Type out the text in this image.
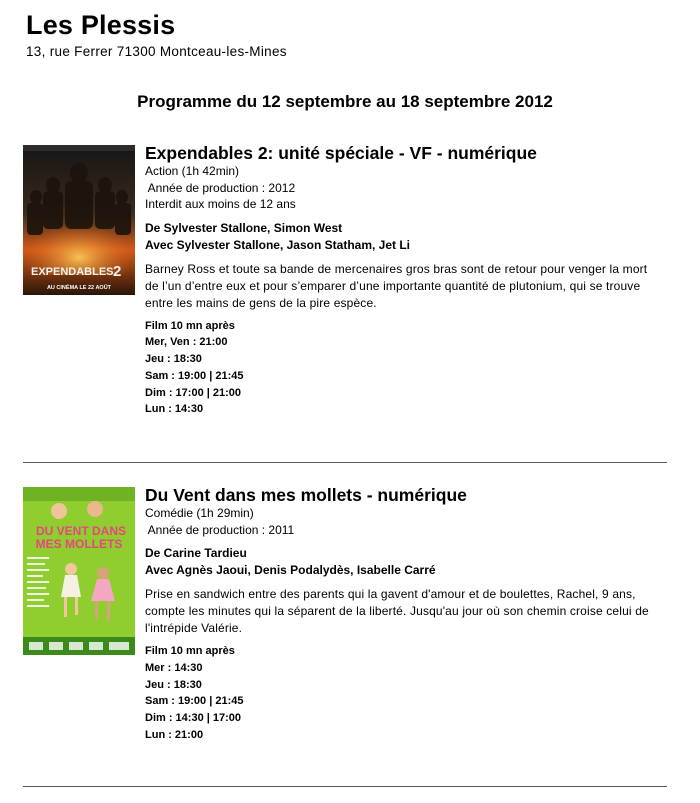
Les Plessis
13, rue Ferrer 71300 Montceau-les-Mines
Programme du 12 septembre au 18 septembre 2012
EXPENDABLES 2
AU CINÉMA LE 22 AOÛT
Expendables 2: unité spéciale - VF - numérique
Action (1h 42min)
Année de production : 2012
Interdit aux moins de 12 ans
De Sylvester Stallone, Simon West
Avec Sylvester Stallone, Jason Statham, Jet Li
Barney Ross et toute sa bande de mercenaires gros bras sont de retour pour venger la mort de l’un d’entre eux et pour s’emparer d’une importante quantité de plutonium, qui se trouve entre les mains de gens de la pire espèce.
Film 10 mn après
Mer, Ven : 21:00
Jeu : 18:30
Sam : 19:00 | 21:45
Dim : 17:00 | 21:00
Lun : 14:30
DU VENT DANS
MES MOLLETS
Du Vent dans mes mollets - numérique
Comédie (1h 29min)
Année de production : 2011
De Carine Tardieu
Avec Agnès Jaoui, Denis Podalydès, Isabelle Carré
Prise en sandwich entre des parents qui la gavent d'amour et de boulettes, Rachel, 9 ans, compte les minutes qui la séparent de la liberté. Jusqu'au jour où son chemin croise celui de l'intrépide Valérie.
Film 10 mn après
Mer : 14:30
Jeu : 18:30
Sam : 19:00 | 21:45
Dim : 14:30 | 17:00
Lun : 21:00
